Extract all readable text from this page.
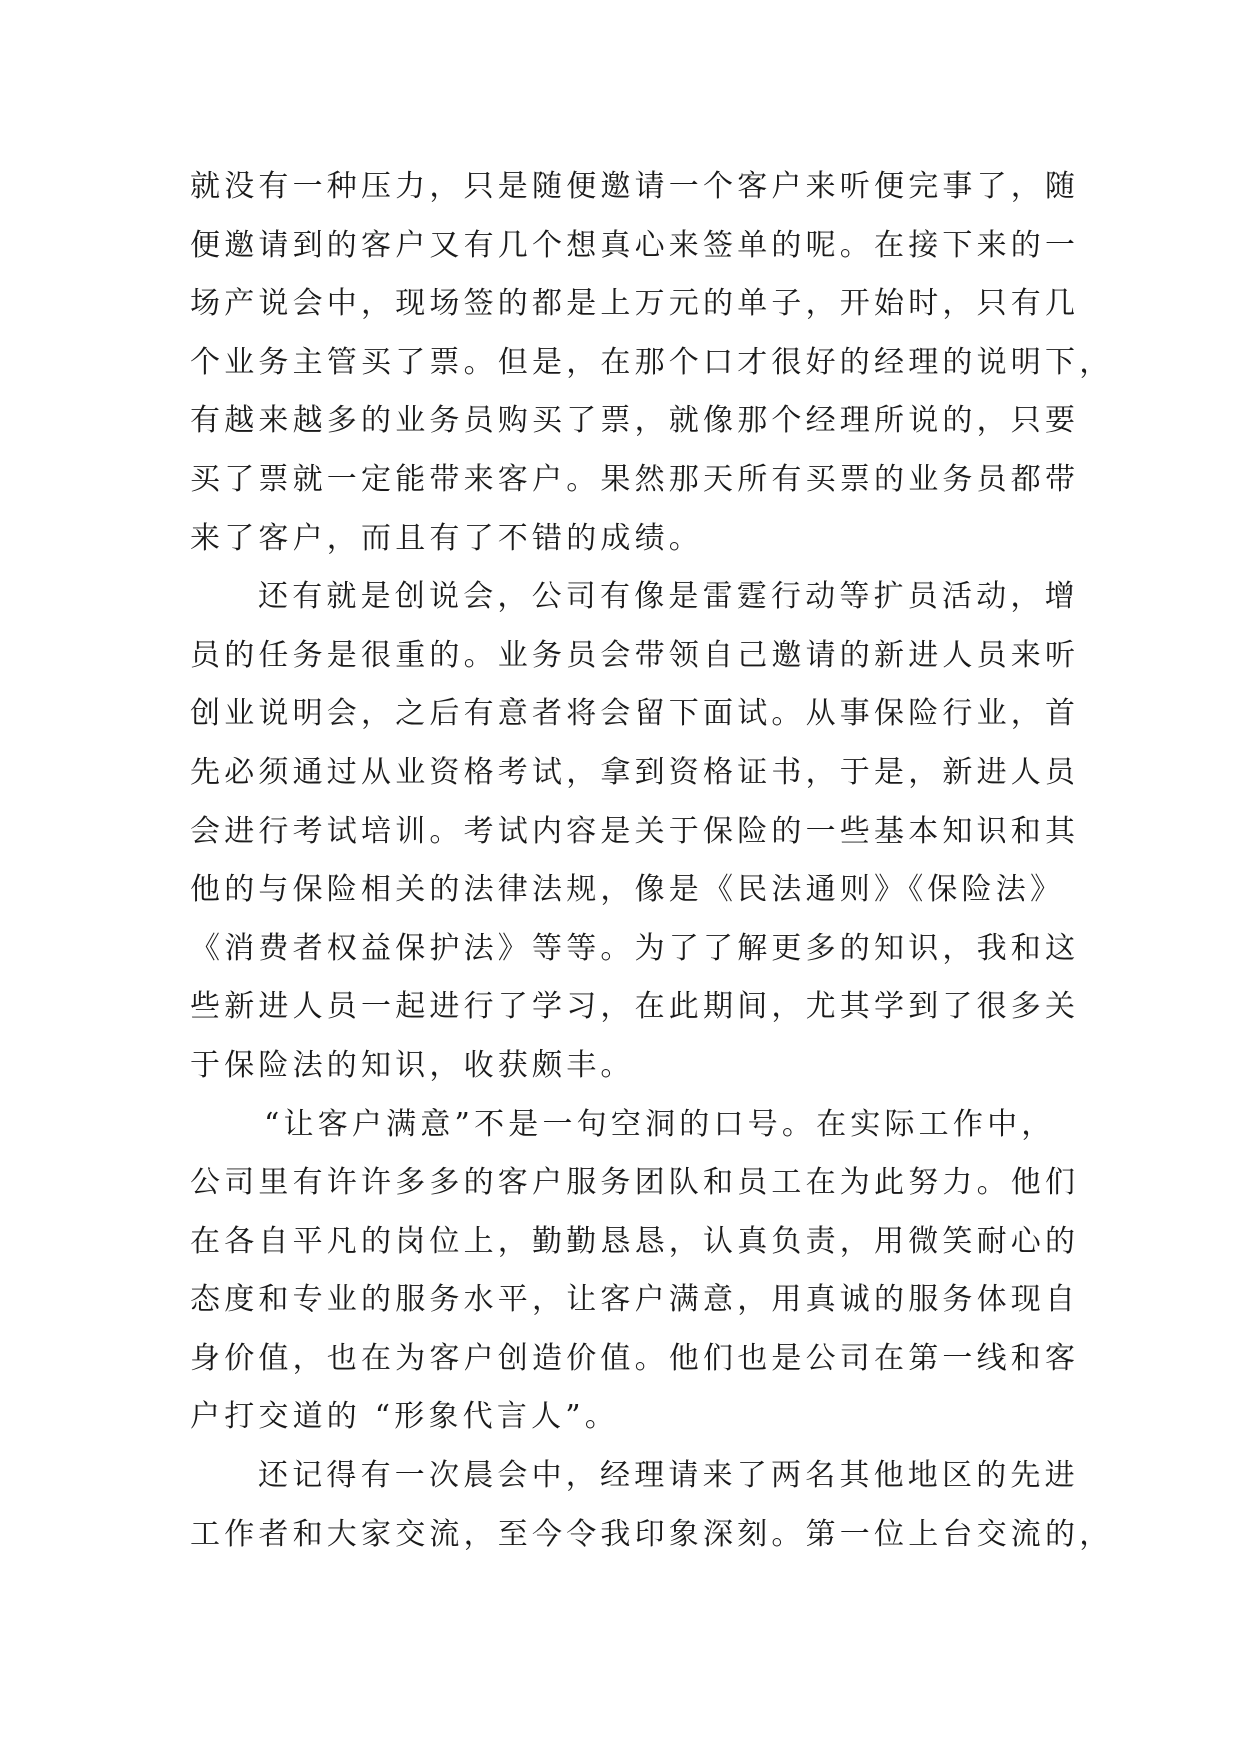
就没有一种压力，只是随便邀请一个客户来听便完事了，随
便邀请到的客户又有几个想真心来签单的呢。在接下来的一
场产说会中，现场签的都是上万元的单子，开始时，只有几
个业务主管买了票。但是，在那个口才很好的经理的说明下，
有越来越多的业务员购买了票，就像那个经理所说的，只要
买了票就一定能带来客户。果然那天所有买票的业务员都带
来了客户，而且有了不错的成绩。
还有就是创说会，公司有像是雷霆行动等扩员活动，增
员的任务是很重的。业务员会带领自己邀请的新进人员来听
创业说明会，之后有意者将会留下面试。从事保险行业，首
先必须通过从业资格考试，拿到资格证书，于是，新进人员
会进行考试培训。考试内容是关于保险的一些基本知识和其
他的与保险相关的法律法规，像是《民法通则》《保险法》
《消费者权益保护法》等等。为了了解更多的知识，我和这
些新进人员一起进行了学习，在此期间，尤其学到了很多关
于保险法的知识，收获颇丰。
“让客户满意”不是一句空洞的口号。在实际工作中，
公司里有许许多多的客户服务团队和员工在为此努力。他们
在各自平凡的岗位上，勤勤恳恳，认真负责，用微笑耐心的
态度和专业的服务水平，让客户满意，用真诚的服务体现自
身价值，也在为客户创造价值。他们也是公司在第一线和客
户打交道的 “形象代言人”。
还记得有一次晨会中，经理请来了两名其他地区的先进
工作者和大家交流，至今令我印象深刻。第一位上台交流的，
